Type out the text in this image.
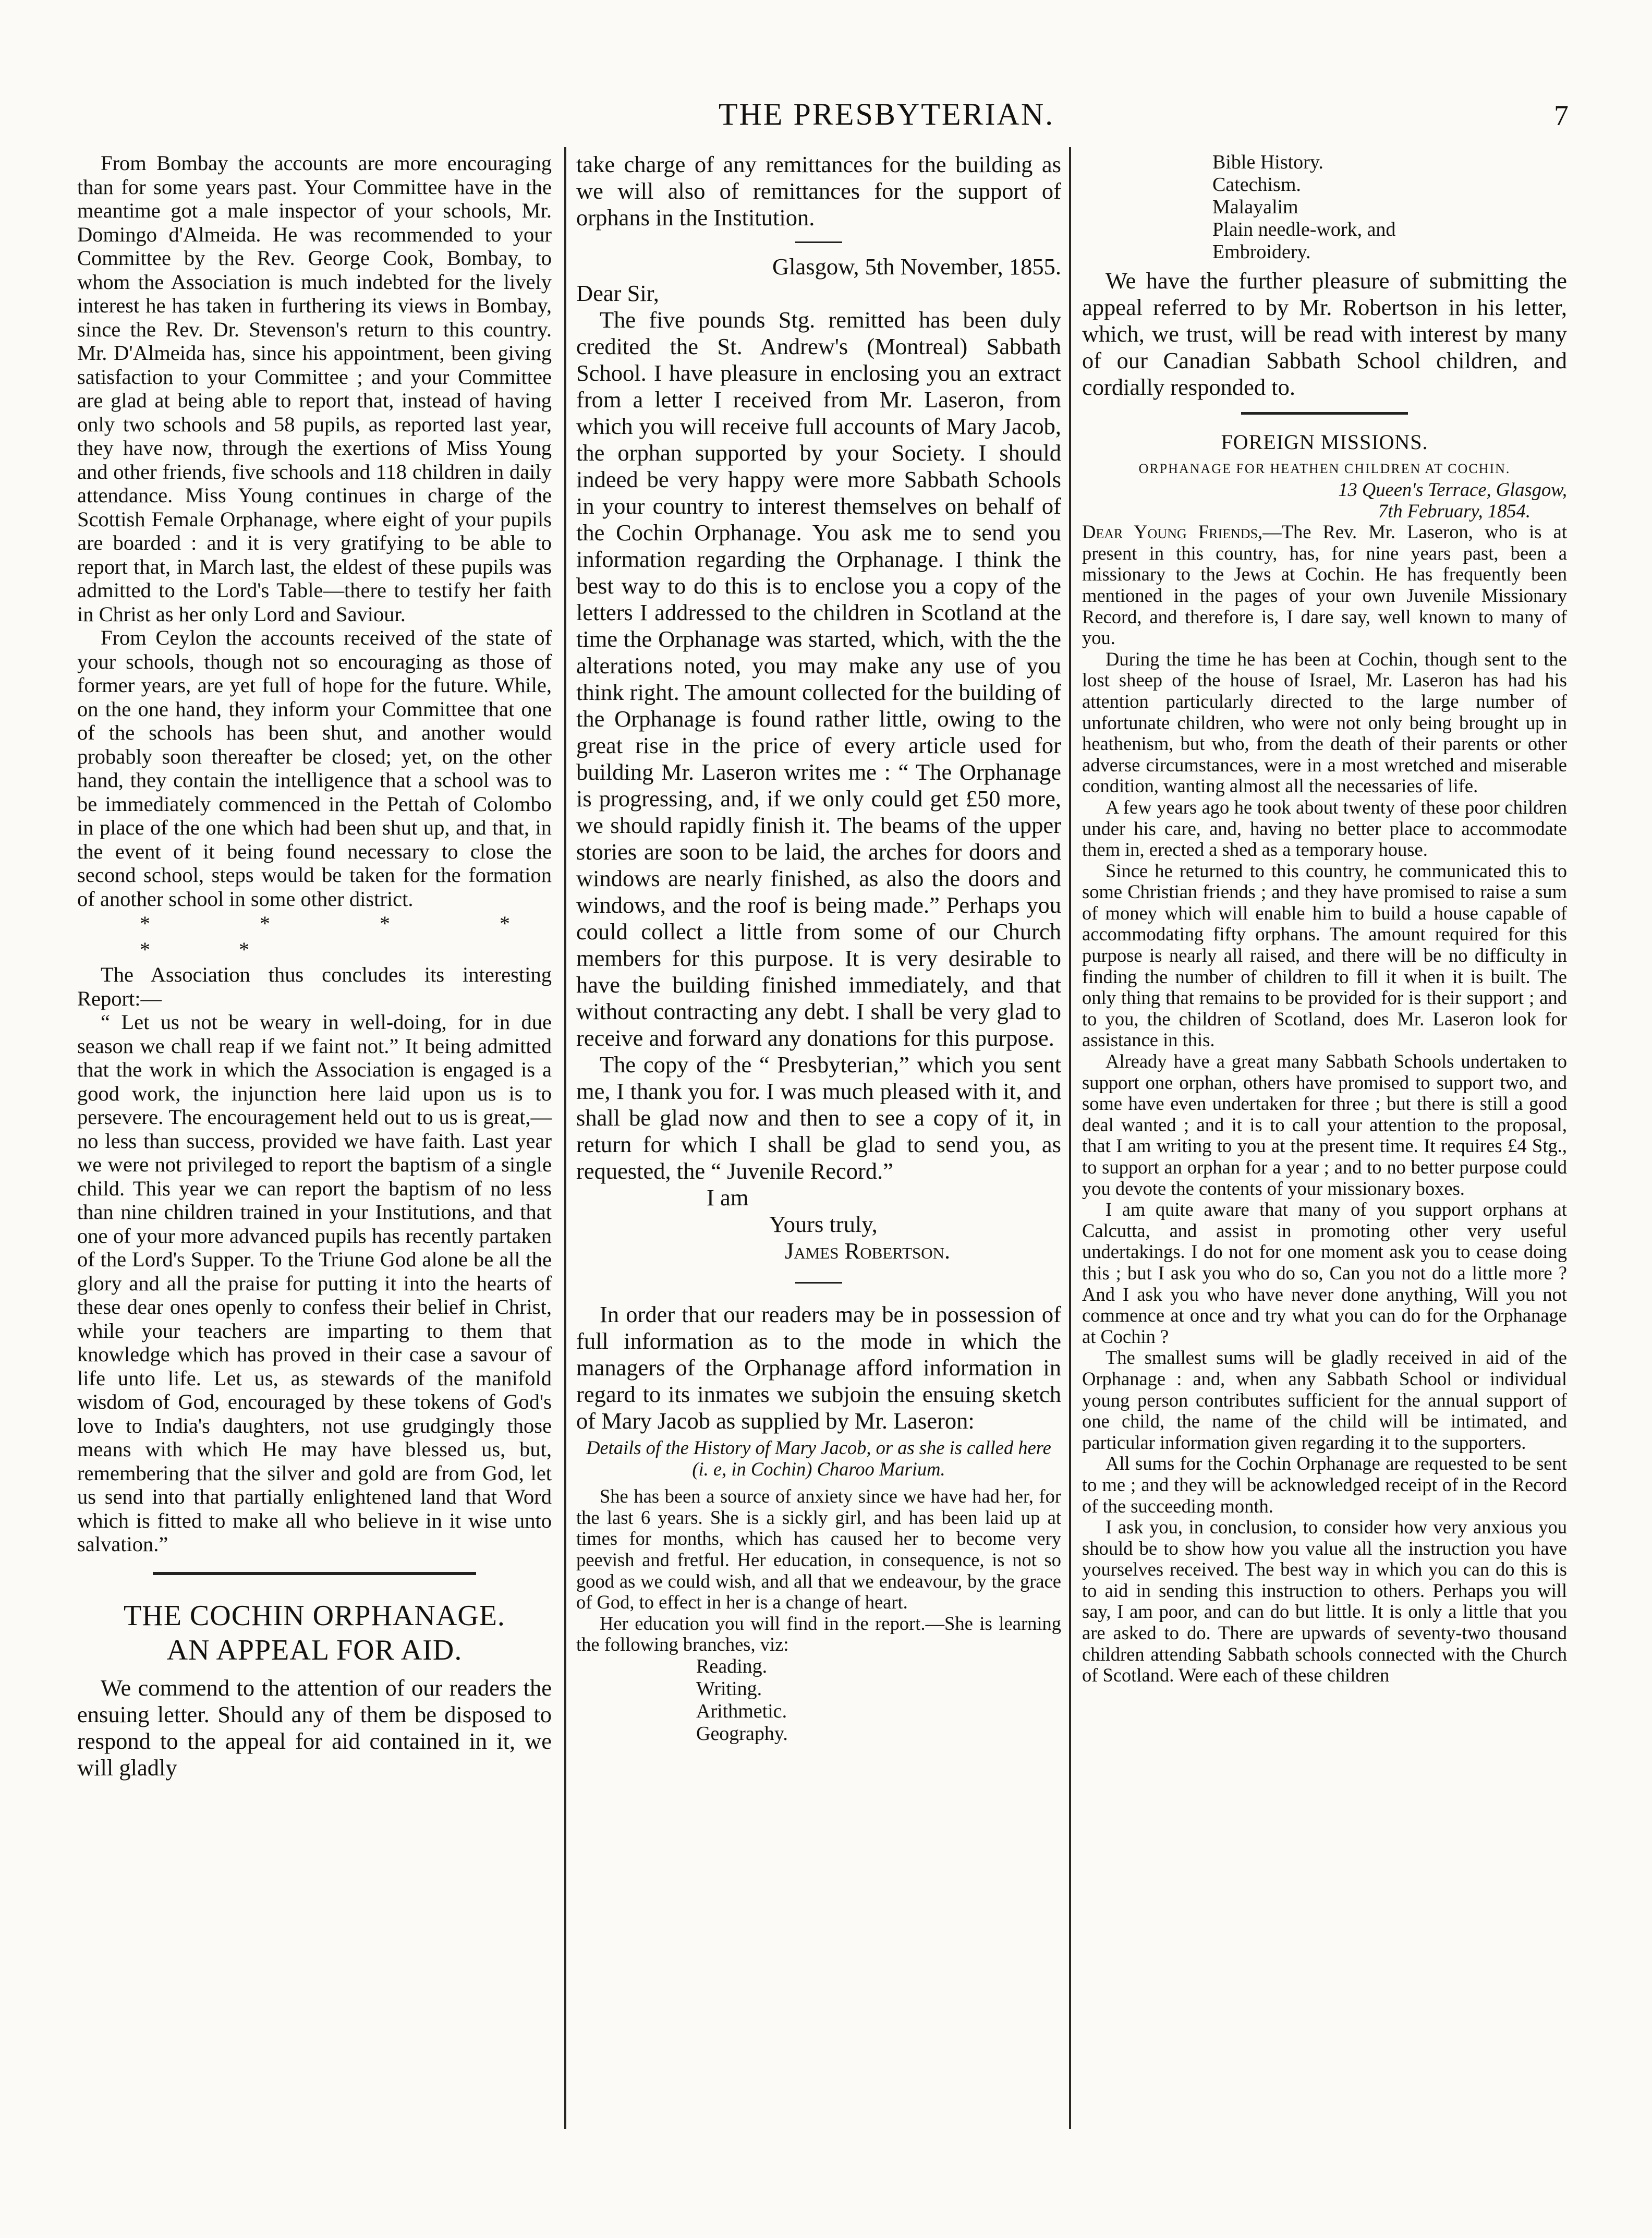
THE PRESBYTERIAN.	7

From Bombay the accounts are more encouraging than for some years past. Your Committee have in the meantime got a male inspector of your schools, Mr. Domingo d'Almeida. He was recommended to your Committee by the Rev. George Cook, Bombay, to whom the Association is much indebted for the lively interest he has taken in furthering its views in Bombay, since the Rev. Dr. Stevenson's return to this country. Mr. D'Almeida has, since his appointment, been giving satisfaction to your Committee ; and your Committee are glad at being able to report that, instead of having only two schools and 58 pupils, as reported last year, they have now, through the exertions of Miss Young and other friends, five schools and 118 children in daily attendance. Miss Young continues in charge of the Scottish Female Orphanage, where eight of your pupils are boarded : and it is very gratifying to be able to report that, in March last, the eldest of these pupils was admitted to the Lord's Table—there to testify her faith in Christ as her only Lord and Saviour.

From Ceylon the accounts received of the state of your schools, though not so encouraging as those of former years, are yet full of hope for the future. While, on the one hand, they inform your Committee that one of the schools has been shut, and another would probably soon thereafter be closed; yet, on the other hand, they contain the intelligence that a school was to be immediately commenced in the Pettah of Colombo in place of the one which had been shut up, and that, in the event of it being found necessary to close the second school, steps would be taken for the formation of another school in some other district.

* * * * * *

The Association thus concludes its interesting Report:—

“ Let us not be weary in well-doing, for in due season we chall reap if we faint not.” It being admitted that the work in which the Association is engaged is a good work, the injunction here laid upon us is to persevere. The encouragement held out to us is great,—no less than success, provided we have faith. Last year we were not privileged to report the baptism of a single child. This year we can report the baptism of no less than nine children trained in your Institutions, and that one of your more advanced pupils has recently partaken of the Lord's Supper. To the Triune God alone be all the glory and all the praise for putting it into the hearts of these dear ones openly to confess their belief in Christ, while your teachers are imparting to them that knowledge which has proved in their case a savour of life unto life. Let us, as stewards of the manifold wisdom of God, encouraged by these tokens of God's love to India's daughters, not use grudgingly those means with which He may have blessed us, but, remembering that the silver and gold are from God, let us send into that partially enlightened land that Word which is fitted to make all who believe in it wise unto salvation.”

THE COCHIN ORPHANAGE.
AN APPEAL FOR AID.

We commend to the attention of our readers the ensuing letter. Should any of them be disposed to respond to the appeal for aid contained in it, we will gladly

take charge of any remittances for the building as we will also of remittances for the support of orphans in the Institution.

Glasgow, 5th November, 1855.

Dear Sir,

The five pounds Stg. remitted has been duly credited the St. Andrew's (Montreal) Sabbath School. I have pleasure in enclosing you an extract from a letter I received from Mr. Laseron, from which you will receive full accounts of Mary Jacob, the orphan supported by your Society. I should indeed be very happy were more Sabbath Schools in your country to interest themselves on behalf of the Cochin Orphanage. You ask me to send you information regarding the Orphanage. I think the best way to do this is to enclose you a copy of the letters I addressed to the children in Scotland at the time the Orphanage was started, which, with the the alterations noted, you may make any use of you think right. The amount collected for the building of the Orphanage is found rather little, owing to the great rise in the price of every article used for building Mr. Laseron writes me : “ The Orphanage is progressing, and, if we only could get £50 more, we should rapidly finish it. The beams of the upper stories are soon to be laid, the arches for doors and windows are nearly finished, as also the doors and windows, and the roof is being made.” Perhaps you could collect a little from some of our Church members for this purpose. It is very desirable to have the building finished immediately, and that without contracting any debt. I shall be very glad to receive and forward any donations for this purpose.

The copy of the “ Presbyterian,” which you sent me, I thank you for. I was much pleased with it, and shall be glad now and then to see a copy of it, in return for which I shall be glad to send you, as requested, the “ Juvenile Record.”

I am

Yours truly,

James Robertson.

In order that our readers may be in possession of full information as to the mode in which the managers of the Orphanage afford information in regard to its inmates we subjoin the ensuing sketch of Mary Jacob as supplied by Mr. Laseron:

Details of the History of Mary Jacob, or as she is called here (i. e, in Cochin) Charoo Marium.

She has been a source of anxiety since we have had her, for the last 6 years. She is a sickly girl, and has been laid up at times for months, which has caused her to become very peevish and fretful. Her education, in consequence, is not so good as we could wish, and all that we endeavour, by the grace of God, to effect in her is a change of heart.

Her education you will find in the report.—She is learning the following branches, viz:

Reading.
Writing.
Arithmetic.
Geography.
Bible History.
Catechism.
Malayalim
Plain needle-work, and
Embroidery.

We have the further pleasure of submitting the appeal referred to by Mr. Robertson in his letter, which, we trust, will be read with interest by many of our Canadian Sabbath School children, and cordially responded to.

FOREIGN MISSIONS.
ORPHANAGE FOR HEATHEN CHILDREN AT COCHIN.

13 Queen's Terrace, Glasgow,

7th February, 1854.

Dear Young Friends,—The Rev. Mr. Laseron, who is at present in this country, has, for nine years past, been a missionary to the Jews at Cochin. He has frequently been mentioned in the pages of your own Juvenile Missionary Record, and therefore is, I dare say, well known to many of you.

During the time he has been at Cochin, though sent to the lost sheep of the house of Israel, Mr. Laseron has had his attention particularly directed to the large number of unfortunate children, who were not only being brought up in heathenism, but who, from the death of their parents or other adverse circumstances, were in a most wretched and miserable condition, wanting almost all the necessaries of life.

A few years ago he took about twenty of these poor children under his care, and, having no better place to accommodate them in, erected a shed as a temporary house.

Since he returned to this country, he communicated this to some Christian friends ; and they have promised to raise a sum of money which will enable him to build a house capable of accommodating fifty orphans. The amount required for this purpose is nearly all raised, and there will be no difficulty in finding the number of children to fill it when it is built. The only thing that remains to be provided for is their support ; and to you, the children of Scotland, does Mr. Laseron look for assistance in this.

Already have a great many Sabbath Schools undertaken to support one orphan, others have promised to support two, and some have even undertaken for three ; but there is still a good deal wanted ; and it is to call your attention to the proposal, that I am writing to you at the present time. It requires £4 Stg., to support an orphan for a year ; and to no better purpose could you devote the contents of your missionary boxes.

I am quite aware that many of you support orphans at Calcutta, and assist in promoting other very useful undertakings. I do not for one moment ask you to cease doing this ; but I ask you who do so, Can you not do a little more ? And I ask you who have never done anything, Will you not commence at once and try what you can do for the Orphanage at Cochin ?

The smallest sums will be gladly received in aid of the Orphanage : and, when any Sabbath School or individual young person contributes sufficient for the annual support of one child, the name of the child will be intimated, and particular information given regarding it to the supporters.

All sums for the Cochin Orphanage are requested to be sent to me ; and they will be acknowledged receipt of in the Record of the succeeding month.

I ask you, in conclusion, to consider how very anxious you should be to show how you value all the instruction you have yourselves received. The best way in which you can do this is to aid in sending this instruction to others. Perhaps you will say, I am poor, and can do but little. It is only a little that you are asked to do. There are upwards of seventy-two thousand children attending Sabbath schools connected with the Church of Scotland. Were each of these children
